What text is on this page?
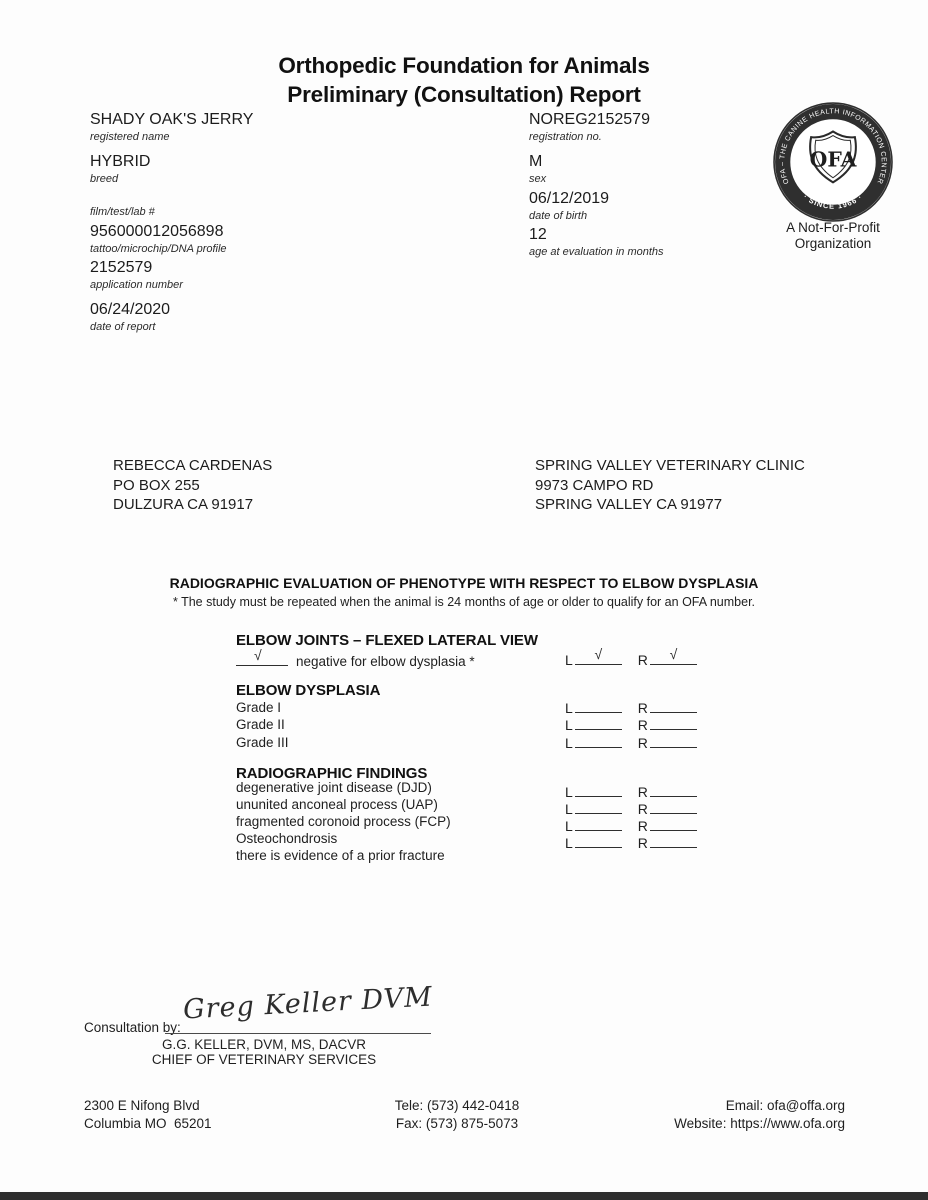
Orthopedic Foundation for Animals
Preliminary (Consultation) Report
SHADY OAK'S JERRY
registered name
HYBRID
breed
film/test/lab #
956000012056898
tattoo/microchip/DNA profile
2152579
application number
06/24/2020
date of report
NOREG2152579
registration no.
M
sex
06/12/2019
date of birth
12
age at evaluation in months
OFA – THE CANINE HEALTH INFORMATION CENTER
· SINCE 1966 ·
OFA
A Not-For-Profit
Organization
REBECCA CARDENAS
PO BOX 255
DULZURA CA 91917
SPRING VALLEY VETERINARY CLINIC
9973 CAMPO RD
SPRING VALLEY CA 91977
RADIOGRAPHIC EVALUATION OF PHENOTYPE WITH RESPECT TO ELBOW DYSPLASIA
* The study must be repeated when the animal is 24 months of age or older to qualify for an OFA number.
ELBOW JOINTS – FLEXED LATERAL VIEW
√	negative for elbow dysplasia *	L √	R √
ELBOW DYSPLASIA
Grade I	L	R
Grade II	L	R
Grade III	L	R
RADIOGRAPHIC FINDINGS
degenerative joint disease (DJD)	L	R
ununited anconeal process (UAP)	L	R
fragmented coronoid process (FCP)	L	R
Osteochondrosis	L	R
there is evidence of a prior fracture
Consultation by:
Greg Keller DVM
G.G. KELLER, DVM, MS, DACVR
CHIEF OF VETERINARY SERVICES
2300 E Nifong Blvd
Columbia MO  65201
Tele: (573) 442-0418
Fax: (573) 875-5073
Email: ofa@offa.org
Website: https://www.ofa.org
